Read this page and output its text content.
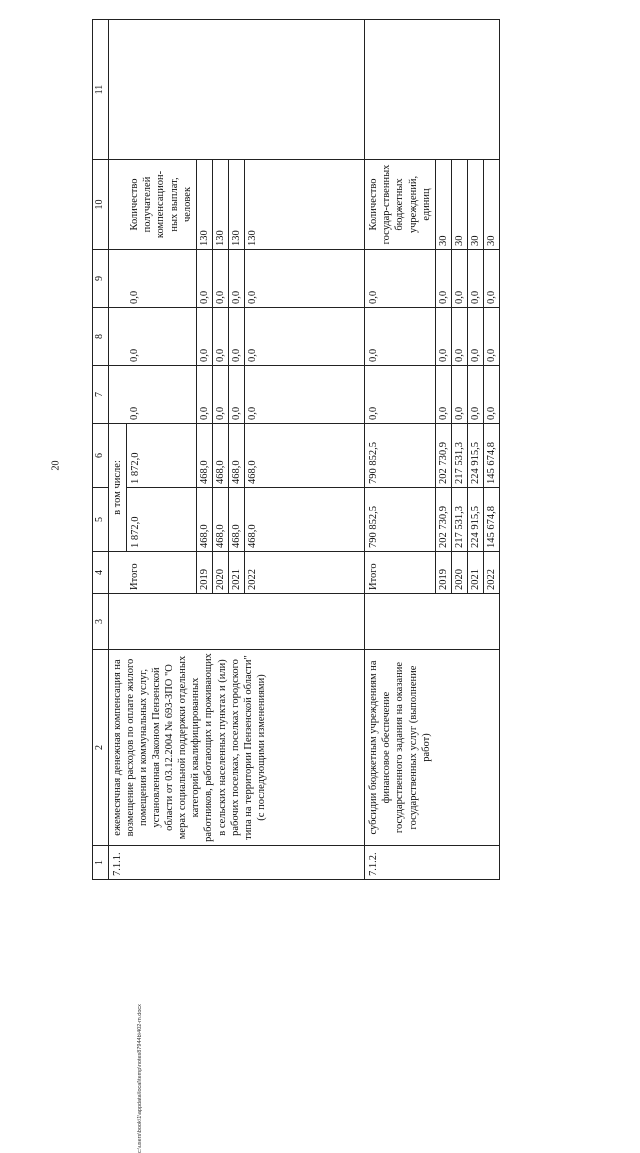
20
c:\users\book\1\appdata\local\temp\notes87944b\402-m.docx
1	2	3	4	5	6	7	8	9	10	11
7.1.1.	ежемесячная денежная компенсация на возмещение расходов по оплате жилого помещения и коммунальных услуг, установленная Законом Пензенской области от 03.12.2004 № 693-ЗПО "О мерах социальной поддержки отдельных категорий квалифицированных работников, работающих и проживающих в сельских населенных пунктах и (или) рабочих поселках, поселках городского типа на территории Пензенской области" (с последующими изменениями)			в том числе:						
			Итого	1 872,0	1 872,0	0,0	0,0	0,0	Количество получателей компенсацион-ных выплат, человек	
			2019	468,0	468,0	0,0	0,0	0,0	130	
			2020	468,0	468,0	0,0	0,0	0,0	130	
			2021	468,0	468,0	0,0	0,0	0,0	130	
			2022	468,0	468,0	0,0	0,0	0,0	130	
7.1.2.	субсидии бюджетным учреждениям на финансовое обеспечение государственного задания на оказание государственных услуг (выполнение работ)		Итого	790 852,5	790 852,5	0,0	0,0	0,0	Количество государ-ственных бюджетных учреждений, единиц	
			2019	202 730,9	202 730,9	0,0	0,0	0,0	30	
			2020	217 531,3	217 531,3	0,0	0,0	0,0	30	
			2021	224 915,5	224 915,5	0,0	0,0	0,0	30	
			2022	145 674,8	145 674,8	0,0	0,0	0,0	30	
